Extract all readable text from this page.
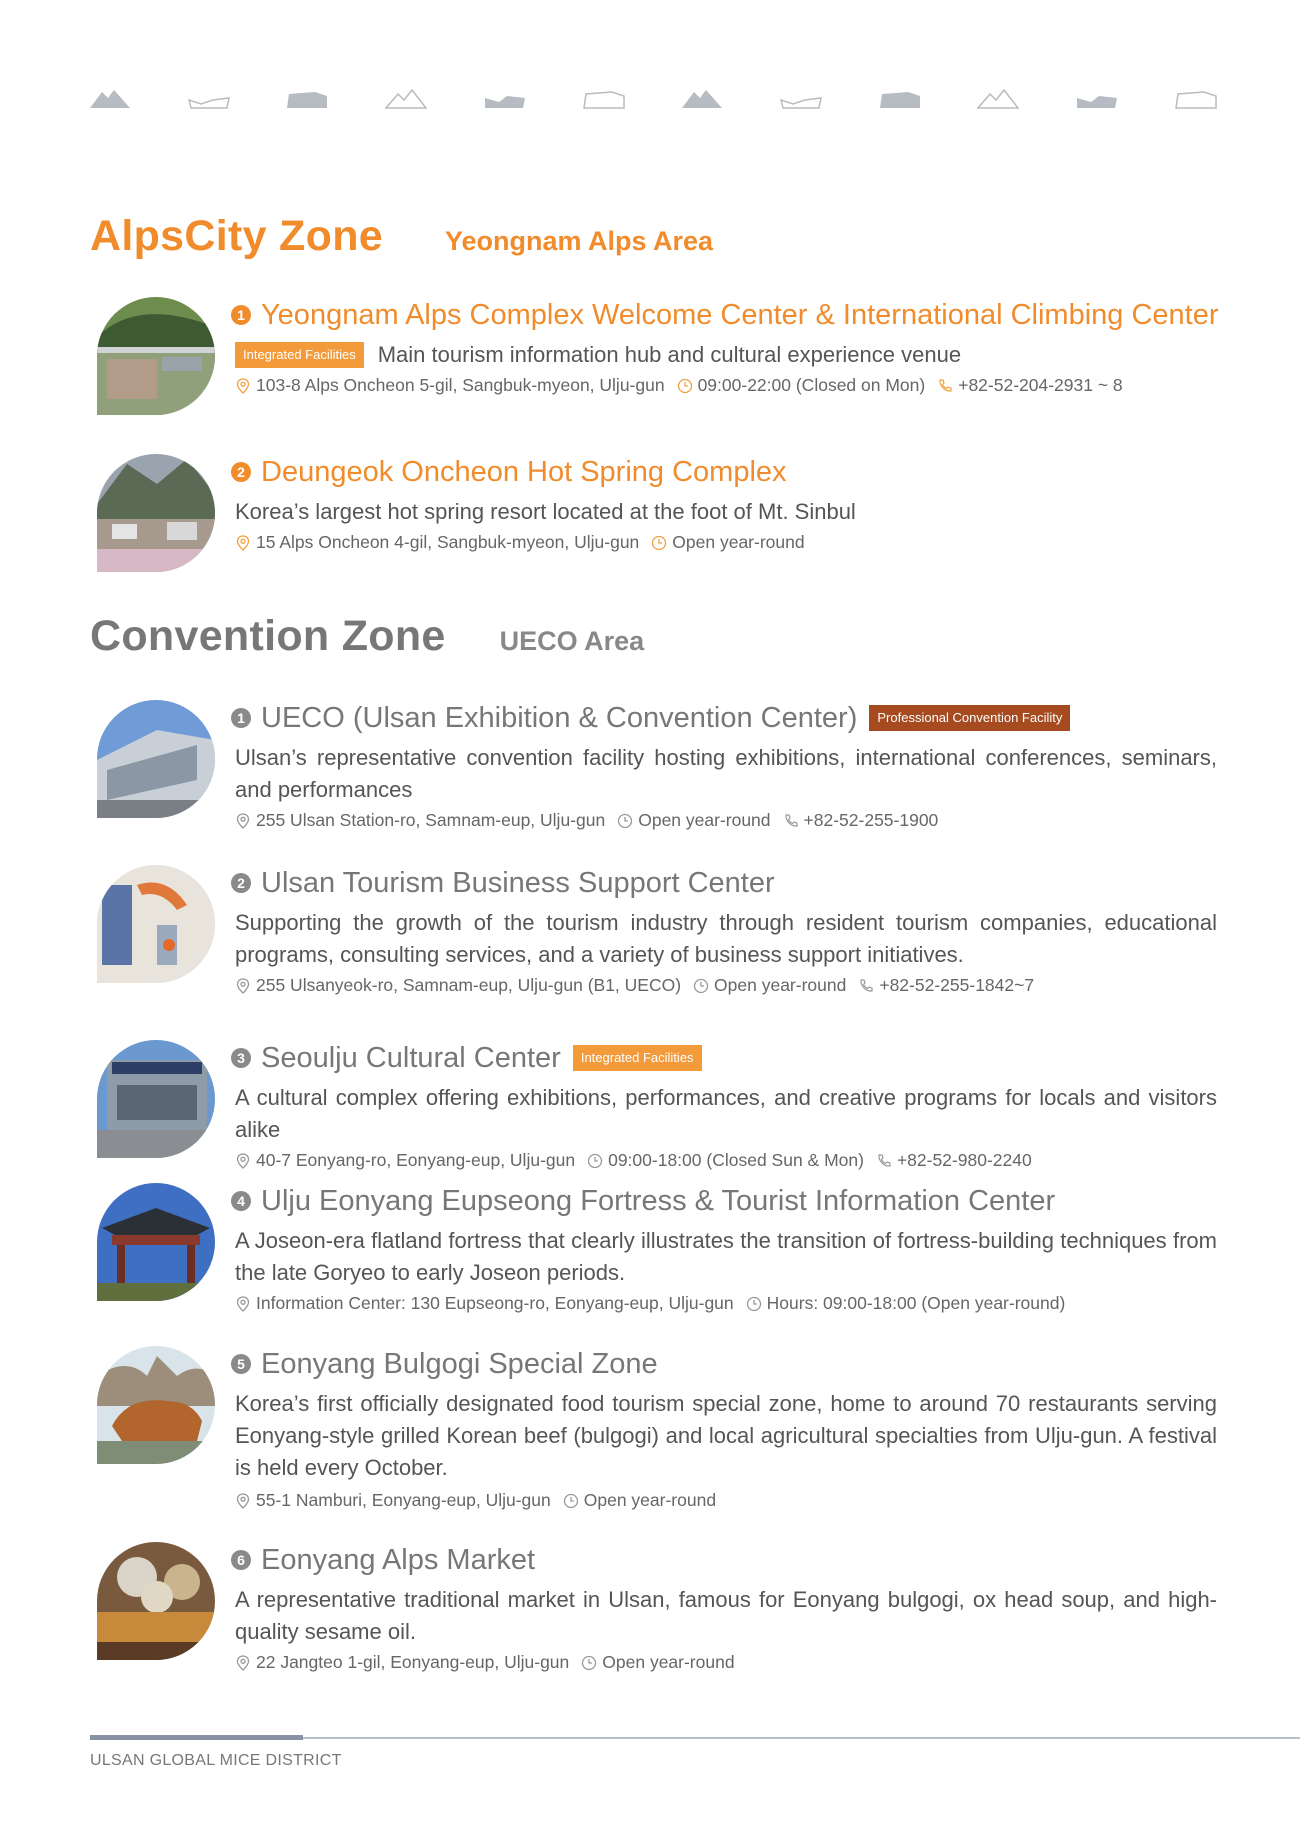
AlpsCity Zone Yeongnam Alps Area
1 Yeongnam Alps Complex Welcome Center & International Climbing Center
Integrated Facilities	Main tourism information hub and cultural experience venue
103-8 Alps Oncheon 5-gil, Sangbuk-myeon, Ulju-gun 09:00-22:00 (Closed on Mon) +82-52-204-2931 ~ 8
2 Deungeok Oncheon Hot Spring Complex
Korea’s largest hot spring resort located at the foot of Mt. Sinbul
15 Alps Oncheon 4-gil, Sangbuk-myeon, Ulju-gun Open year-round
Convention Zone UECO Area
1 UECO (Ulsan Exhibition & Convention Center)	Professional Convention Facility
Ulsan’s representative convention facility hosting exhibitions, international conferences, seminars, and performances
255 Ulsan Station-ro, Samnam-eup, Ulju-gun Open year-round +82-52-255-1900
2 Ulsan Tourism Business Support Center
Supporting the growth of the tourism industry through resident tourism companies, educational programs, consulting services, and a variety of business support initiatives.
255 Ulsanyeok-ro, Samnam-eup, Ulju-gun (B1, UECO) Open year-round +82-52-255-1842~7
3 Seoulju Cultural Center	Integrated Facilities
A cultural complex offering exhibitions, performances, and creative programs for locals and visitors alike
40-7 Eonyang-ro, Eonyang-eup, Ulju-gun 09:00-18:00 (Closed Sun & Mon) +82-52-980-2240
4 Ulju Eonyang Eupseong Fortress & Tourist Information Center
A Joseon-era flatland fortress that clearly illustrates the transition of fortress-building techniques from the late Goryeo to early Joseon periods.
Information Center: 130 Eupseong-ro, Eonyang-eup, Ulju-gun Hours: 09:00-18:00 (Open year-round)
5 Eonyang Bulgogi Special Zone
Korea’s first officially designated food tourism special zone, home to around 70 restaurants serving Eonyang-style grilled Korean beef (bulgogi) and local agricultural specialties from Ulju-gun. A festival is held every October.
55-1 Namburi, Eonyang-eup, Ulju-gun Open year-round
6 Eonyang Alps Market
A representative traditional market in Ulsan, famous for Eonyang bulgogi, ox head soup, and high-quality sesame oil.
22 Jangteo 1-gil, Eonyang-eup, Ulju-gun Open year-round
ULSAN GLOBAL MICE DISTRICT
